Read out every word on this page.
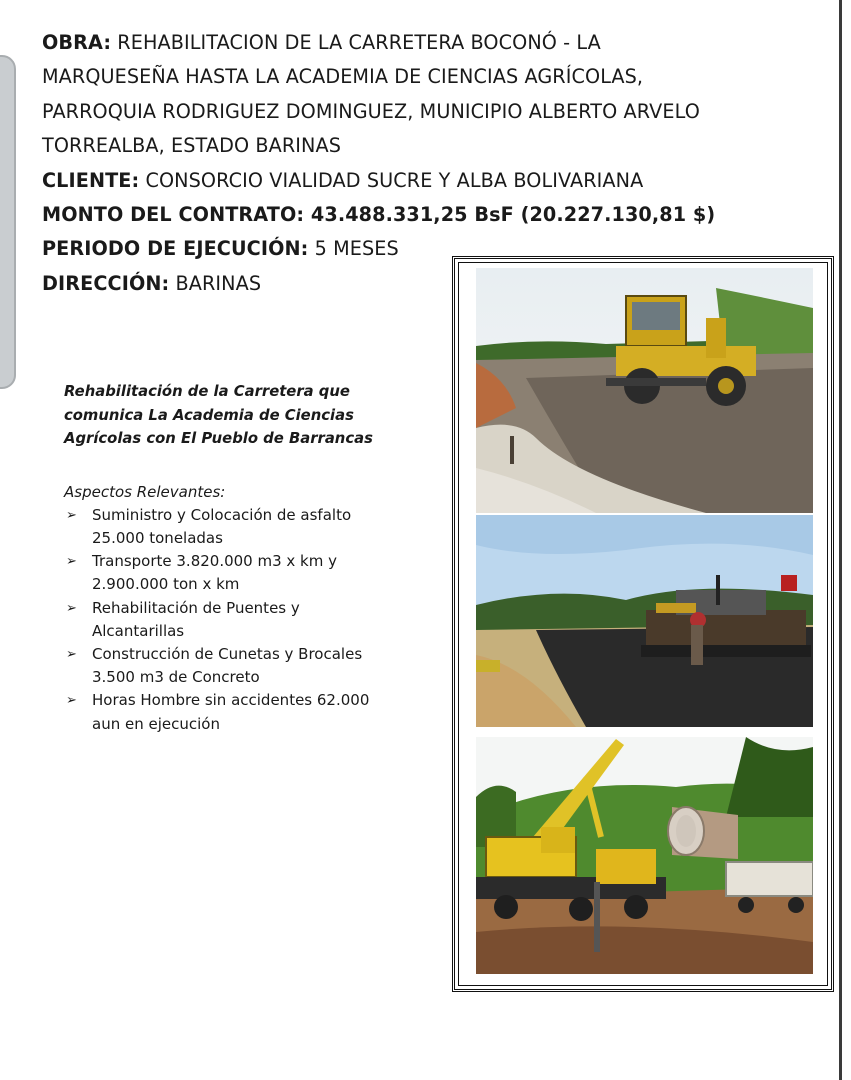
OBRA: REHABILITACION DE LA CARRETERA BOCONÓ - LA
MARQUESEÑA HASTA LA ACADEMIA DE CIENCIAS AGRÍCOLAS,
PARROQUIA RODRIGUEZ DOMINGUEZ, MUNICIPIO ALBERTO ARVELO
TORREALBA, ESTADO BARINAS
CLIENTE: CONSORCIO VIALIDAD SUCRE Y ALBA BOLIVARIANA
MONTO DEL CONTRATO: 43.488.331,25 BsF (20.227.130,81 $)
PERIODO DE EJECUCIÓN: 5 MESES
DIRECCIÓN: BARINAS
Rehabilitación de la Carretera que
comunica La Academia de Ciencias
Agrícolas con El Pueblo de Barrancas
Aspectos Relevantes:
➢ Suministro y Colocación de asfalto
25.000 toneladas
➢ Transporte 3.820.000 m3 x km y
2.900.000 ton x km
➢ Rehabilitación de Puentes y
Alcantarillas
➢ Construcción de Cunetas y Brocales
3.500 m3 de Concreto
➢ Horas Hombre sin accidentes 62.000
aun en ejecución
